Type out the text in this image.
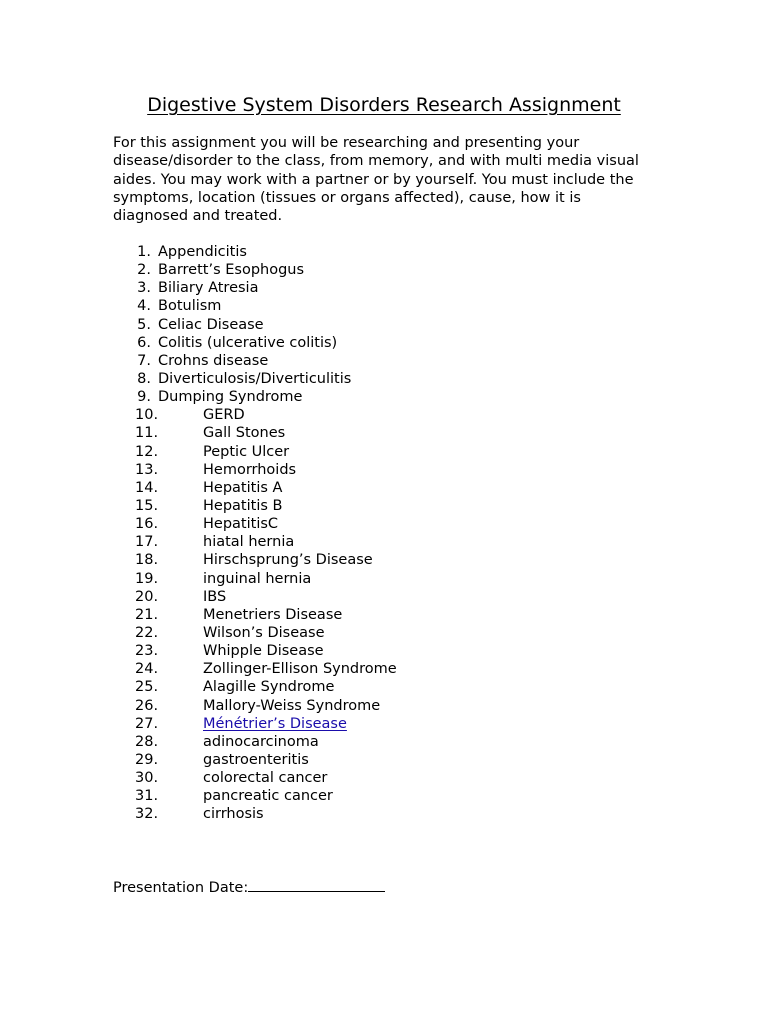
Digestive System Disorders Research Assignment
For this assignment you will be researching and presenting your disease/disorder to the class, from memory, and with multi media visual aides. You may work with a partner or by yourself. You must include the symptoms, location (tissues or organs affected), cause, how it is diagnosed and treated.
1. Appendicitis
2. Barrett’s Esophogus
3. Biliary Atresia
4. Botulism
5. Celiac Disease
6. Colitis (ulcerative colitis)
7. Crohns disease
8. Diverticulosis/Diverticulitis
9. Dumping Syndrome
10.	GERD
11.	Gall Stones
12.	Peptic Ulcer
13.	Hemorrhoids
14.	Hepatitis A
15.	Hepatitis B
16.	HepatitisC
17.	hiatal hernia
18.	Hirschsprung’s Disease
19.	inguinal hernia
20.	IBS
21.	Menetriers Disease
22.	Wilson’s Disease
23.	Whipple Disease
24.	Zollinger-Ellison Syndrome
25.	Alagille Syndrome
26.	Mallory-Weiss Syndrome
27.	Ménétrier’s Disease
28.	adinocarcinoma
29.	gastroenteritis
30.	colorectal cancer
31.	pancreatic cancer
32.	cirrhosis
Presentation Date:
